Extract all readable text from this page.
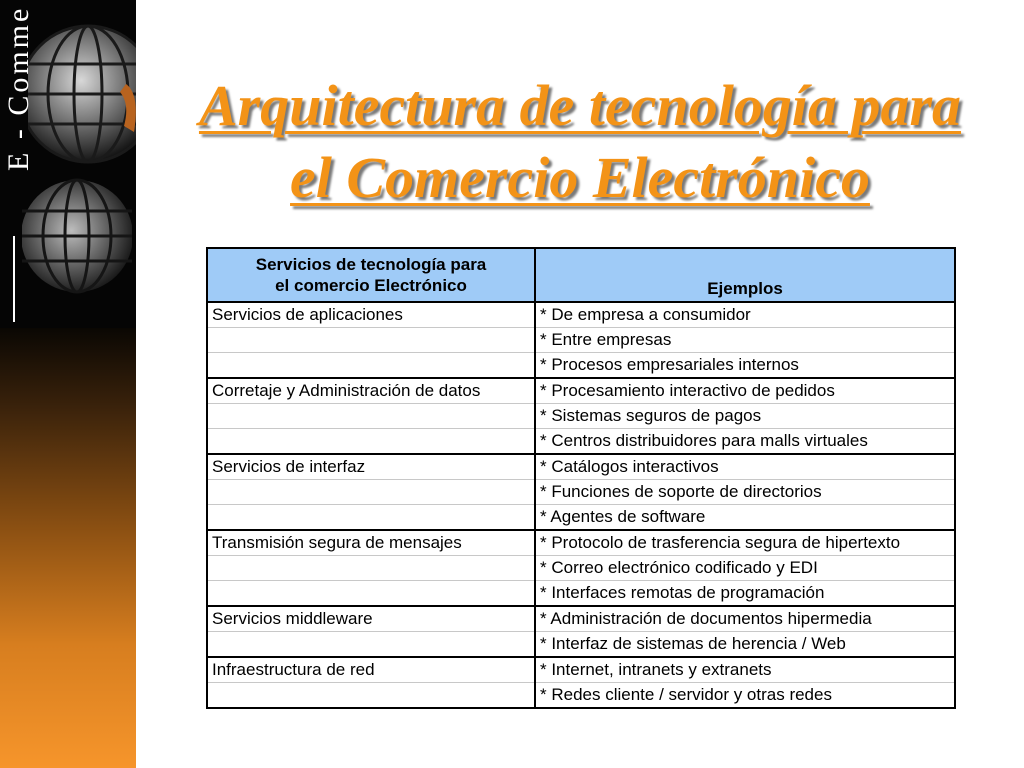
E - Comme	Arquitectura de tecnología para
el Comercio Electrónico
Servicios de tecnología para
el comercio Electrónico	Ejemplos
Servicios de aplicaciones	* De empresa a consumidor
	* Entre empresas
	* Procesos empresariales internos
Corretaje y Administración de datos	* Procesamiento interactivo de pedidos
	* Sistemas seguros de pagos
	* Centros distribuidores para malls virtuales
Servicios de interfaz	* Catálogos interactivos
	* Funciones de soporte de directorios
	* Agentes de software
Transmisión segura de mensajes	* Protocolo de trasferencia segura de hipertexto
	* Correo electrónico codificado y EDI
	* Interfaces remotas de programación
Servicios middleware	* Administración de documentos hipermedia
	* Interfaz de sistemas de herencia / Web
Infraestructura de red	* Internet, intranets y extranets
	* Redes cliente / servidor y otras redes
